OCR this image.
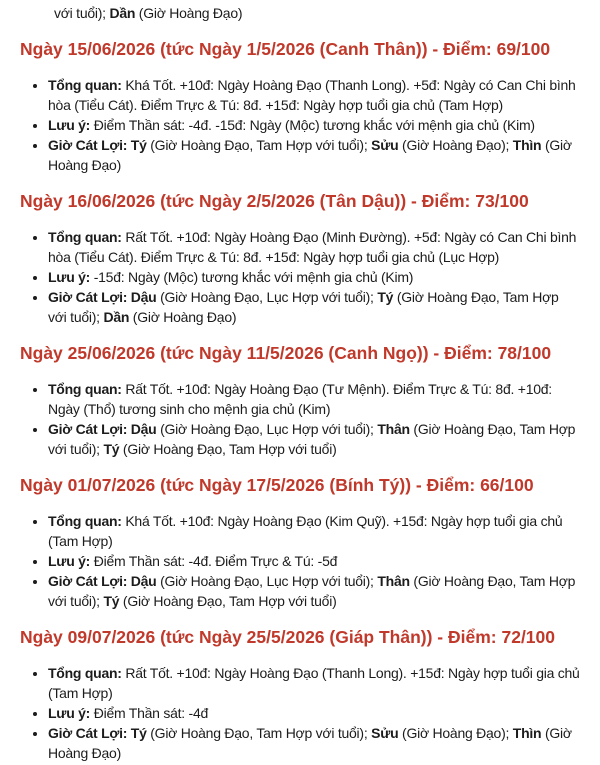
với tuổi); Dần (Giờ Hoàng Đạo)
Ngày 15/06/2026 (tức Ngày 1/5/2026 (Canh Thân)) - Điểm: 69/100
• Tổng quan: Khá Tốt. +10đ: Ngày Hoàng Đạo (Thanh Long). +5đ: Ngày có Can Chi bình hòa (Tiểu Cát). Điểm Trực & Tú: 8đ. +15đ: Ngày hợp tuổi gia chủ (Tam Hợp)
• Lưu ý: Điểm Thần sát: -4đ. -15đ: Ngày (Mộc) tương khắc với mệnh gia chủ (Kim)
• Giờ Cát Lợi: Tý (Giờ Hoàng Đạo, Tam Hợp với tuổi); Sửu (Giờ Hoàng Đạo); Thìn (Giờ Hoàng Đạo)
Ngày 16/06/2026 (tức Ngày 2/5/2026 (Tân Dậu)) - Điểm: 73/100
• Tổng quan: Rất Tốt. +10đ: Ngày Hoàng Đạo (Minh Đường). +5đ: Ngày có Can Chi bình hòa (Tiểu Cát). Điểm Trực & Tú: 8đ. +15đ: Ngày hợp tuổi gia chủ (Lục Hợp)
• Lưu ý: -15đ: Ngày (Mộc) tương khắc với mệnh gia chủ (Kim)
• Giờ Cát Lợi: Dậu (Giờ Hoàng Đạo, Lục Hợp với tuổi); Tý (Giờ Hoàng Đạo, Tam Hợp với tuổi); Dần (Giờ Hoàng Đạo)
Ngày 25/06/2026 (tức Ngày 11/5/2026 (Canh Ngọ)) - Điểm: 78/100
• Tổng quan: Rất Tốt. +10đ: Ngày Hoàng Đạo (Tư Mệnh). Điểm Trực & Tú: 8đ. +10đ: Ngày (Thổ) tương sinh cho mệnh gia chủ (Kim)
• Giờ Cát Lợi: Dậu (Giờ Hoàng Đạo, Lục Hợp với tuổi); Thân (Giờ Hoàng Đạo, Tam Hợp với tuổi); Tý (Giờ Hoàng Đạo, Tam Hợp với tuổi)
Ngày 01/07/2026 (tức Ngày 17/5/2026 (Bính Tý)) - Điểm: 66/100
• Tổng quan: Khá Tốt. +10đ: Ngày Hoàng Đạo (Kim Quỹ). +15đ: Ngày hợp tuổi gia chủ (Tam Hợp)
• Lưu ý: Điểm Thần sát: -4đ. Điểm Trực & Tú: -5đ
• Giờ Cát Lợi: Dậu (Giờ Hoàng Đạo, Lục Hợp với tuổi); Thân (Giờ Hoàng Đạo, Tam Hợp với tuổi); Tý (Giờ Hoàng Đạo, Tam Hợp với tuổi)
Ngày 09/07/2026 (tức Ngày 25/5/2026 (Giáp Thân)) - Điểm: 72/100
• Tổng quan: Rất Tốt. +10đ: Ngày Hoàng Đạo (Thanh Long). +15đ: Ngày hợp tuổi gia chủ (Tam Hợp)
• Lưu ý: Điểm Thần sát: -4đ
• Giờ Cát Lợi: Tý (Giờ Hoàng Đạo, Tam Hợp với tuổi); Sửu (Giờ Hoàng Đạo); Thìn (Giờ Hoàng Đạo)
